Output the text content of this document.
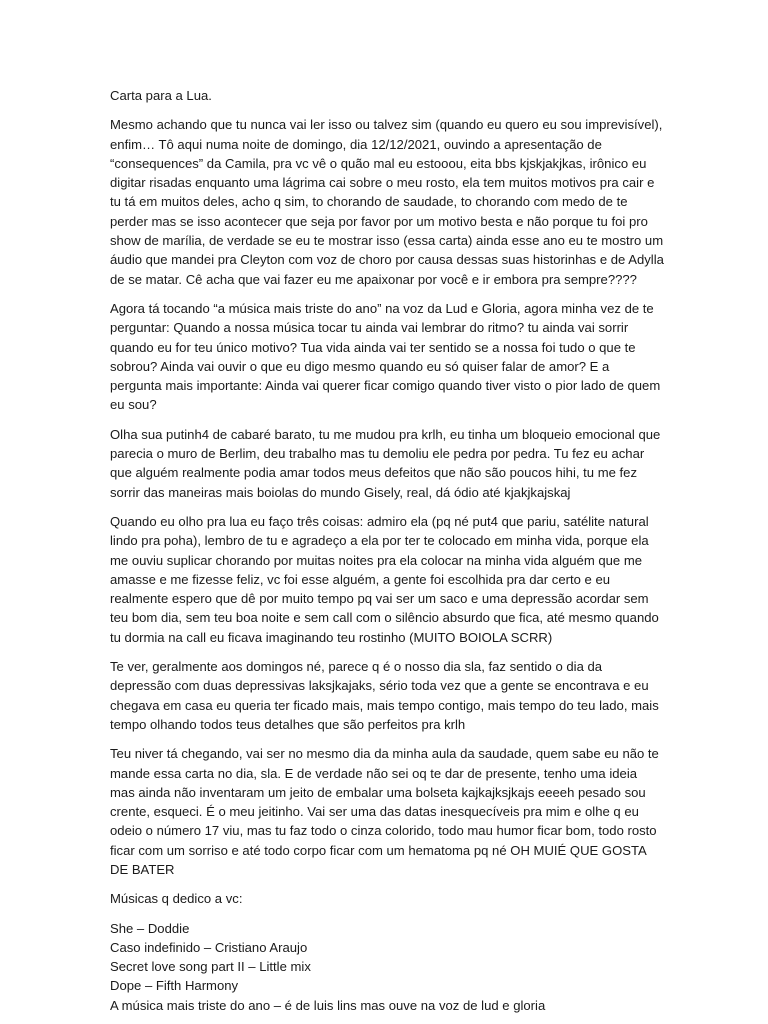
Carta para a Lua.

Mesmo achando que tu nunca vai ler isso ou talvez sim (quando eu quero eu sou imprevisível), enfim… Tô aqui numa noite de domingo, dia 12/12/2021, ouvindo a apresentação de “consequences” da Camila, pra vc vê o quão mal eu estooou, eita bbs kjskjakjkas, irônico eu digitar risadas enquanto uma lágrima cai sobre o meu rosto, ela tem muitos motivos pra cair e tu tá em muitos deles, acho q sim, to chorando de saudade, to chorando com medo de te perder mas se isso acontecer que seja por favor por um motivo besta e não porque tu foi pro show de marília, de verdade se eu te mostrar isso (essa carta) ainda esse ano eu te mostro um áudio que mandei pra Cleyton com voz de choro por causa dessas suas historinhas e de Adylla de se matar. Cê acha que vai fazer eu me apaixonar por você e ir embora pra sempre????

Agora tá tocando “a música mais triste do ano” na voz da Lud e Gloria, agora minha vez de te perguntar: Quando a nossa música tocar tu ainda vai lembrar do ritmo? tu ainda vai sorrir quando eu for teu único motivo? Tua vida ainda vai ter sentido se a nossa foi tudo o que te sobrou? Ainda vai ouvir o que eu digo mesmo quando eu só quiser falar de amor? E a pergunta mais importante: Ainda vai querer ficar comigo quando tiver visto o pior lado de quem eu sou?

Olha sua putinh4 de cabaré barato, tu me mudou pra krlh, eu tinha um bloqueio emocional que parecia o muro de Berlim, deu trabalho mas tu demoliu ele pedra por pedra. Tu fez eu achar que alguém realmente podia amar todos meus defeitos que não são poucos hihi, tu me fez sorrir das maneiras mais boiolas do mundo Gisely, real, dá ódio até kjakjkajskaj

Quando eu olho pra lua eu faço três coisas: admiro ela (pq né put4 que pariu, satélite natural lindo pra poha), lembro de tu e agradeço a ela por ter te colocado em minha vida, porque ela me ouviu suplicar chorando por muitas noites pra ela colocar na minha vida alguém que me amasse e me fizesse feliz, vc foi esse alguém, a gente foi escolhida pra dar certo e eu realmente espero que dê por muito tempo pq vai ser um saco e uma depressão acordar sem teu bom dia, sem teu boa noite e sem call com o silêncio absurdo que fica, até mesmo quando tu dormia na call eu ficava imaginando teu rostinho (MUITO BOIOLA SCRR)

Te ver, geralmente aos domingos né, parece q é o nosso dia sla, faz sentido o dia da depressão com duas depressivas laksjkajaks, sério toda vez que a gente se encontrava e eu chegava em casa eu queria ter ficado mais, mais tempo contigo, mais tempo do teu lado, mais tempo olhando todos teus detalhes que são perfeitos pra krlh

Teu niver tá chegando, vai ser no mesmo dia da minha aula da saudade, quem sabe eu não te mande essa carta no dia, sla. E de verdade não sei oq te dar de presente, tenho uma ideia mas ainda não inventaram um jeito de embalar uma bolseta kajkajksjkajs eeeeh pesado sou crente, esqueci. É o meu jeitinho. Vai ser uma das datas inesquecíveis pra mim e olhe q eu odeio o número 17 viu, mas tu faz todo o cinza colorido, todo mau humor ficar bom, todo rosto ficar com um sorriso e até todo corpo ficar com um hematoma pq né OH MUIÉ QUE GOSTA DE BATER

Músicas q dedico a vc:

She – Doddie
Caso indefinido – Cristiano Araujo
Secret love song part II – Little mix
Dope – Fifth Harmony
A música mais triste do ano – é de luis lins mas ouve na voz de lud e gloria
